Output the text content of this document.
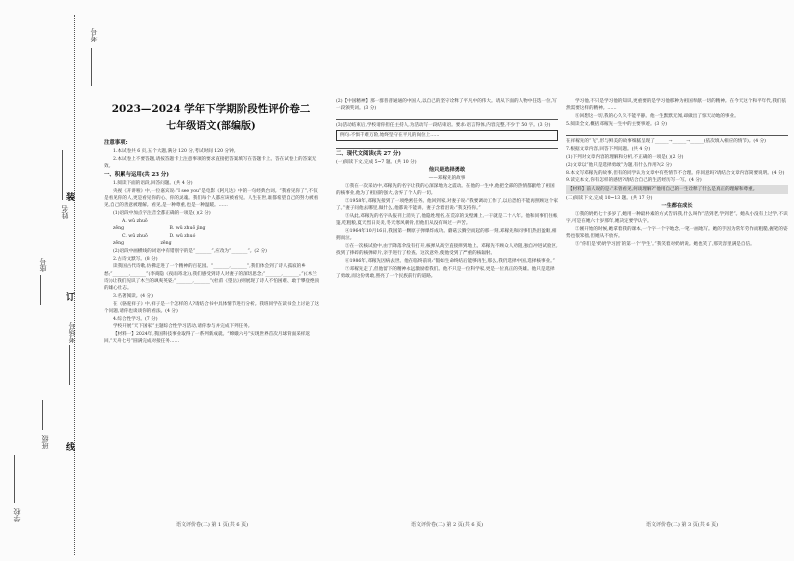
考号
姓名
座号
考场号
班级
学校
装
订
线
2023—2024 学年下学期阶段性评价卷二
七年级语文(部编版)

注意事项:

1.本试卷共 6 页,五个大题,满分 120 分,考试时间 120 分钟。

2.本试卷上不要答题,请按答题卡上注意事项的要求直接把答案填写在答题卡上。答在试卷上的答案无效。

一、积累与运用(共 23 分)

1.阅读下面的语段,回答问题。(共 4 分)

央视《开讲啦》中,一位嘉宾说:“I see you”是电影《阿凡达》中的一句经典台词。“我看见你了”,不仅是看见你的人,更是看见你的心、你的灵魂。我们每个人都应该被看见。人生在世,谁都希望自己的努力被看见,自己的善意被理解。看见,是一种尊重,也是一种温暖。……

(1)语段中加点字注音全都正确的一项是( )(2 分)

A. wǔ zhuō zēng	B. wǔ zhuō jìng

C. wū zhuō zēng D. wǔ zhuó zēng

(2)语段中画横线的词语中有错别字的是“_______”,应改为“_______”。(2 分)

2.古诗文默写。(8 分)

读我国古代诗歌,仿佛走进了一个精神的百花园。“_______,_______”,我们体会到了诗人孤寂的乡愁;“_______,_______”(李商隐《夜雨寄北》),我们感受到诗人对妻子的深切思念;“_______,_______。”(《木兰诗》)让我们见识了木兰的飒爽英姿;“_______,_______”(杜甫《望岳》)则展现了诗人不怕困难、敢于攀登绝顶的雄心壮志。

3.名著阅读。(4 分)

在《骆驼祥子》中,祥子是一个怎样的人?请结合书中具体情节进行分析。我班同学在读书会上讨论了这个问题,请你也谈谈你的看法。(4 分)

4.综合性学习。(7 分)

学校开展“天下国家”主题综合性学习活动,请你参与并完成下列任务。

【材料一】2024年,我国科技事业取得了一系列新成就。“嫦娥六号”实现世界首次月球背面采样返回,“天舟七号”圆满完成对接任务……

语文评价卷(二) 第 1 页(共 6 页)

(2)【中国精神】那一群普普通通的中国人,以自己的坚守诠释了平凡中的伟大。请从下面的人物中任选一位,写一段颁奖词。(3 分)

(3)活动结束后,学校请你担任主持人,为活动写一段结束语。要求:语言得体,内容完整,不少于 50 字。(3 分)

例句:不惧千难万险,始终坚守在平凡的岗位上……

二、现代文阅读(共 27 分)

(一)阅读下文,完成 5~7 题。(共 10 分)

他只是选择勇敢

——邓稼先的故事

①我在一次采访中,邓稼先的名字让我的心深深地为之震动。在他的一生中,他把全部的热情都献给了祖国的核事业,他为了祖国的强大,舍弃了个人的一切。

②1958年,邓稼先接到了一项绝密任务。他回到家,对妻子说:“我要调动工作了,以后恐怕不能再照顾这个家了。”妻子问他去哪里,做什么,他都说不能讲。妻子含着泪说:“我支持你。”

③从此,邓稼先的名字从报刊上消失了,他隐姓埋名,在荒凉的戈壁滩上,一干就是二十八年。他和同事们住帐篷,吃粗粮,夏天烈日炎炎,冬天寒风刺骨,但他们从没有叫过一声苦。

④1964年10月16日,我国第一颗原子弹爆炸成功。蘑菇云腾空而起的那一刻,邓稼先和同事们热泪盈眶,相拥而泣。

⑤在一次核试验中,由于降落伞没有打开,核弹从高空直接摔到地上。邓稼先不顾众人劝阻,独自冲进试验区,找到了摔碎的核弹碎片,亲手进行了检查。这次意外,使他受到了严重的核辐射。

⑥1986年,邓稼先因病去世。他在临终前说:“假如生命终结后能够再生,那么,我仍选择中国,选择核事业。”

⑦邓稼先走了,但他留下的精神永远激励着我们。他不只是一位科学家,更是一位真正的英雄。他只是选择了勇敢,而这份勇敢,照亮了一个民族前行的道路。

语文评价卷(二) 第 2 页(共 6 页)

学习他,不只是学习他的知识,更重要的是学习他那种为祖国奉献一切的精神。在今天这个和平年代,我们依然需要这样的精神。……

⑧回想这一切,我的心久久不能平静。他一生默默无闻,却做出了惊天动地的事业。

5.阅读全文,概括邓稼先一生中的主要事迹。(3 分)

在祥稼先的“飞”,形与鲜美的故事细腻呈现了______→______→______(依次填入相应的情节)。(4 分)

7.根据文章内容,回答下列问题。(共 4 分)

(1)下列对文章内容的理解和分析,不正确的一项是( )(2 分)

(2)文章以“他只是选择勇敢”为题,有什么作用?(2 分)

8.本文写邓稼先的故事,但有的同学认为文章中有些情节不合理。你同意吗?请结合文章内容简要说明。(4 分)

9.读完本文,你有怎样的感悟?请结合自己的生活经历写一写。(4 分)

【材料】前人说的是:“未曾看见,何谈理解?”他用自己的一生诠释了什么是真正的理解和尊重。

(二)阅读下文,完成 10~13 题。(共 17 分)

一生都在成长

①我的奶奶七十多岁了,她用一种最朴素的方式告诉我,什么叫作“活到老,学到老”。她从小没有上过学,不识字,可是在她六十岁那年,她决定要学认字。

②刚开始的时候,她拿着我的课本,一个字一个字地念,一笔一画地写。她的手因为常年劳作而粗糙,握笔的姿势也很笨拙,但她从不放弃。

③“你们是‘奶奶学习团’的第一个‘学生’。”我笑着对奶奶说。她也笑了,那笑容里满是自信。

语文评价卷(二) 第 3 页(共 6 页)
